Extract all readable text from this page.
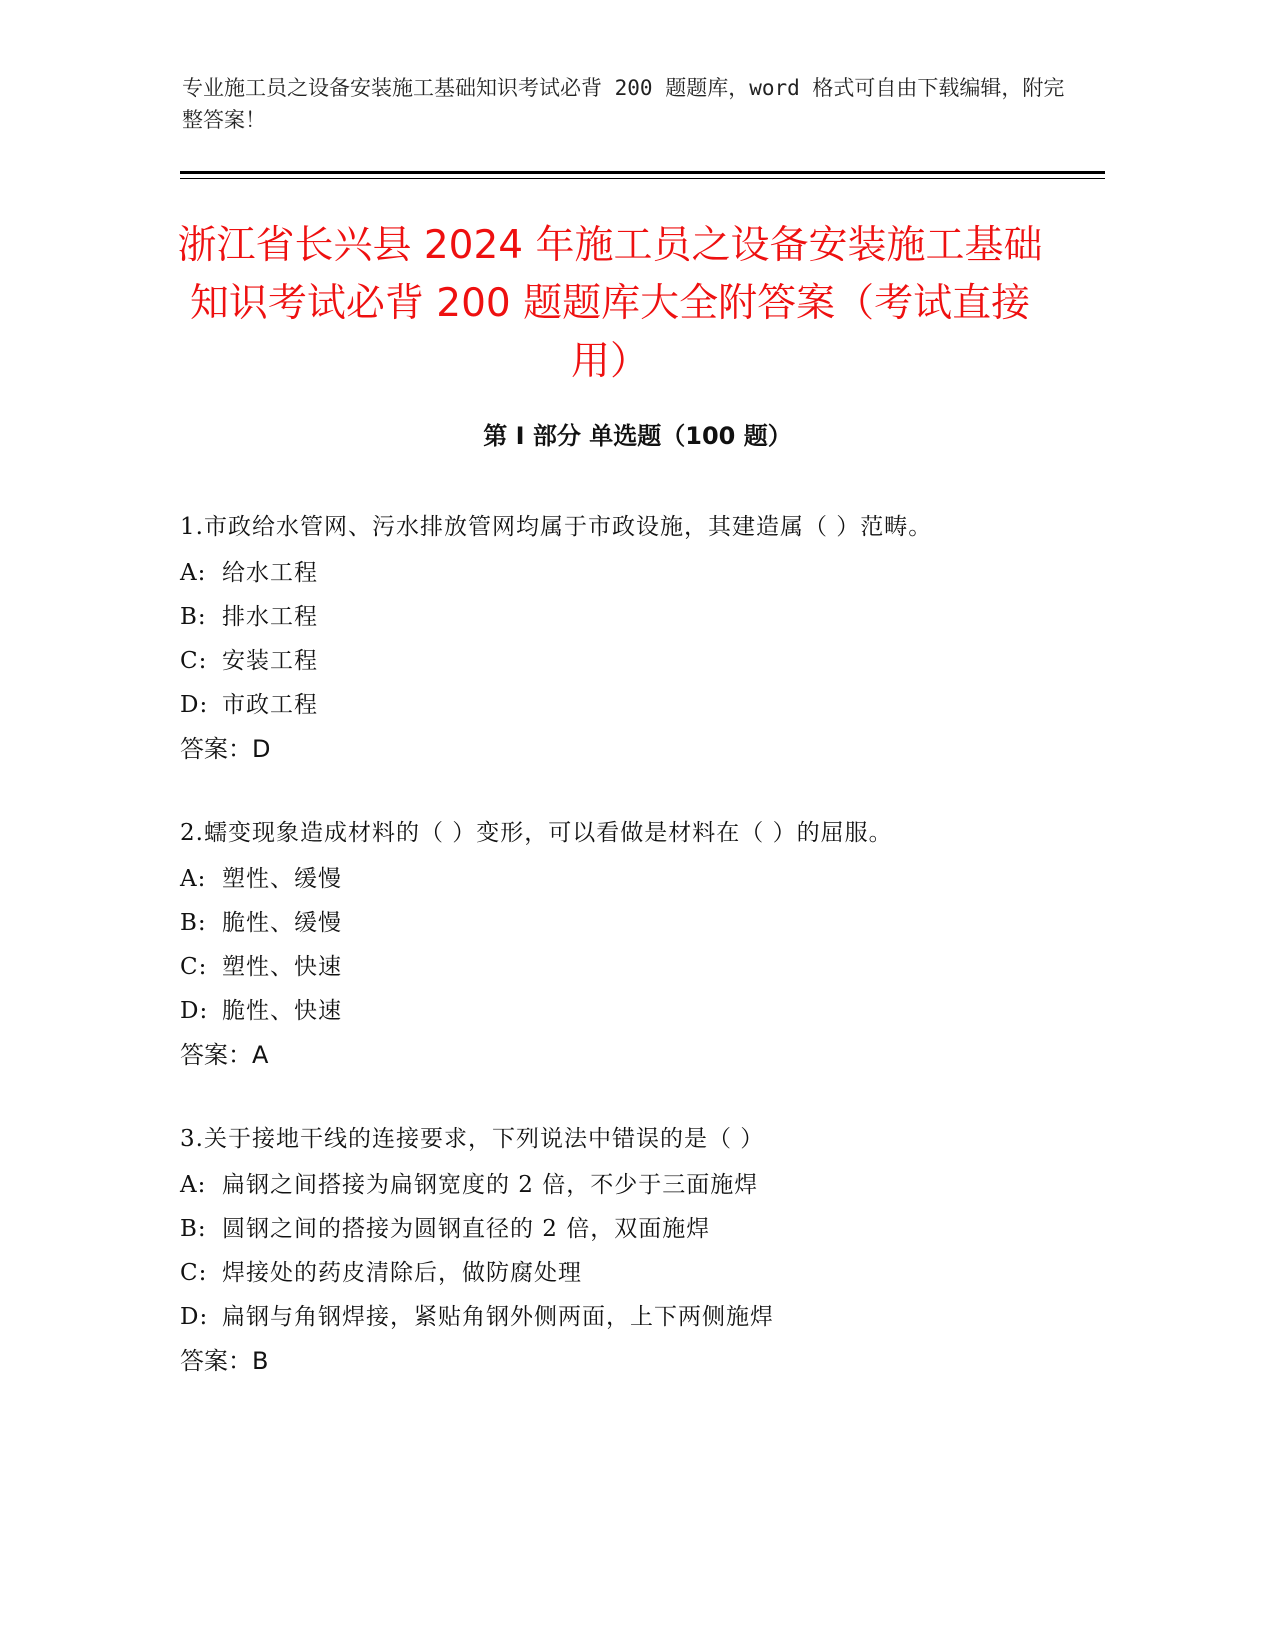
专业施工员之设备安装施工基础知识考试必背 200 题题库，word 格式可自由下载编辑，附完整答案！
浙江省长兴县 2024 年施工员之设备安装施工基础知识考试必背 200 题题库大全附答案（考试直接用）
第 I 部分 单选题（100 题）

1.市政给水管网、污水排放管网均属于市政设施，其建造属（ ）范畴。

A: 给水工程

B: 排水工程

C: 安装工程

D: 市政工程

答案：D

2.蠕变现象造成材料的（ ）变形，可以看做是材料在（ ）的屈服。

A: 塑性、缓慢

B: 脆性、缓慢

C: 塑性、快速

D: 脆性、快速

答案：A

3.关于接地干线的连接要求，下列说法中错误的是（ ）

A: 扁钢之间搭接为扁钢宽度的 2 倍，不少于三面施焊

B: 圆钢之间的搭接为圆钢直径的 2 倍，双面施焊

C: 焊接处的药皮清除后，做防腐处理

D: 扁钢与角钢焊接，紧贴角钢外侧两面，上下两侧施焊

答案：B
